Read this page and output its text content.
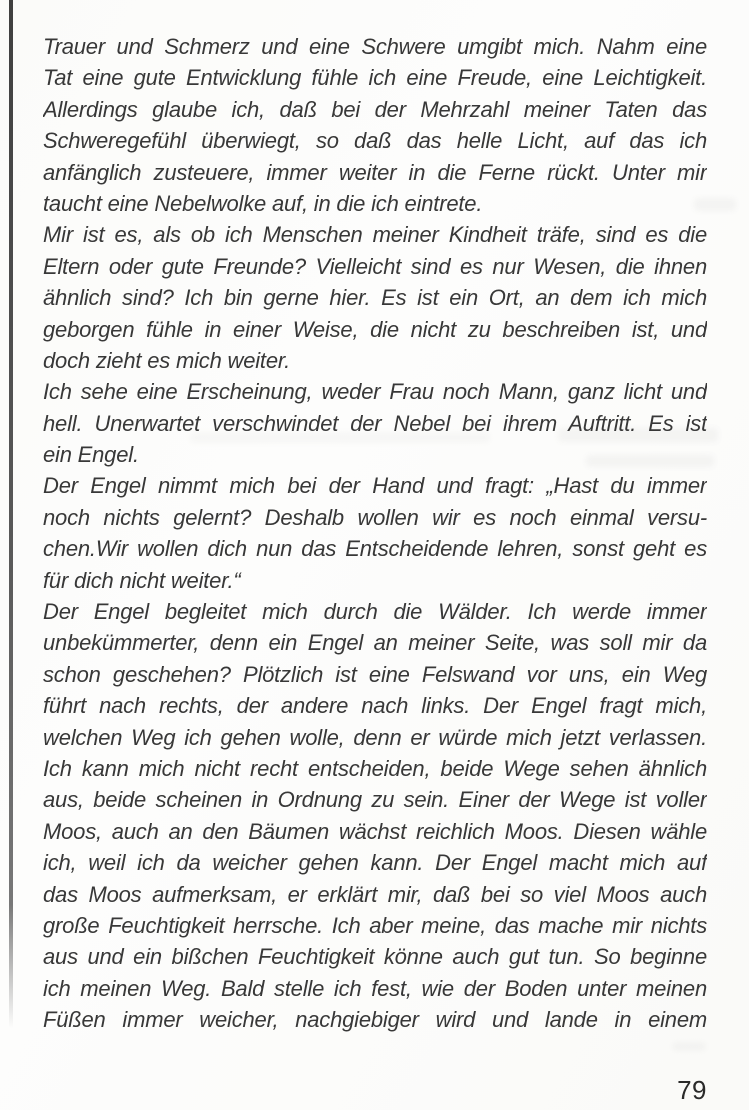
Trauer und Schmerz und eine Schwere umgibt mich. Nahm eine
Tat eine gute Entwicklung fühle ich eine Freude, eine Leichtigkeit.
Allerdings glaube ich, daß bei der Mehrzahl meiner Taten das
Schweregefühl überwiegt, so daß das helle Licht, auf das ich
anfänglich zusteuere, immer weiter in die Ferne rückt. Unter mir
taucht eine Nebelwolke auf, in die ich eintrete.
Mir ist es, als ob ich Menschen meiner Kindheit träfe, sind es die
Eltern oder gute Freunde? Vielleicht sind es nur Wesen, die ihnen
ähnlich sind? Ich bin gerne hier. Es ist ein Ort, an dem ich mich
geborgen fühle in einer Weise, die nicht zu beschreiben ist, und
doch zieht es mich weiter.
Ich sehe eine Erscheinung, weder Frau noch Mann, ganz licht und
hell. Unerwartet verschwindet der Nebel bei ihrem Auftritt. Es ist
ein Engel.
Der Engel nimmt mich bei der Hand und fragt: „Hast du immer
noch nichts gelernt? Deshalb wollen wir es noch einmal versu-
chen.Wir wollen dich nun das Entscheidende lehren, sonst geht es
für dich nicht weiter.“
Der Engel begleitet mich durch die Wälder. Ich werde immer
unbekümmerter, denn ein Engel an meiner Seite, was soll mir da
schon geschehen? Plötzlich ist eine Felswand vor uns, ein Weg
führt nach rechts, der andere nach links. Der Engel fragt mich,
welchen Weg ich gehen wolle, denn er würde mich jetzt verlassen.
Ich kann mich nicht recht entscheiden, beide Wege sehen ähnlich
aus, beide scheinen in Ordnung zu sein. Einer der Wege ist voller
Moos, auch an den Bäumen wächst reichlich Moos. Diesen wähle
ich, weil ich da weicher gehen kann. Der Engel macht mich auf
das Moos aufmerksam, er erklärt mir, daß bei so viel Moos auch
große Feuchtigkeit herrsche. Ich aber meine, das mache mir nichts
aus und ein bißchen Feuchtigkeit könne auch gut tun. So beginne
ich meinen Weg. Bald stelle ich fest, wie der Boden unter meinen
Füßen immer weicher, nachgiebiger wird und lande in einem
79
